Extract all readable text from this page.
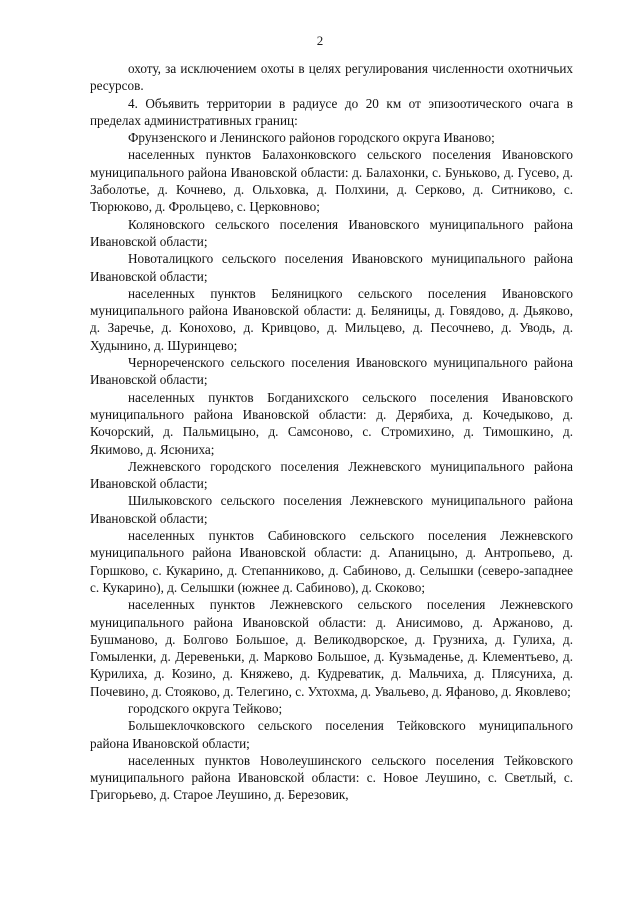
2

охоту, за исключением охоты в целях регулирования численности охотничьих ресурсов.

4. Объявить территории в радиусе до 20 км от эпизоотического очага в пределах административных границ:

Фрунзенского и Ленинского районов городского округа Иваново;

населенных пунктов Балахонковского сельского поселения Ивановского муниципального района Ивановской области: д. Балахонки, с. Буньково, д. Гусево, д. Заболотье, д. Кочнево, д. Ольховка, д. Полхини, д. Серково, д. Ситниково, с. Тюрюково, д. Фрольцево, с. Церковново;

Коляновского сельского поселения Ивановского муниципального района Ивановской области;

Новоталицкого сельского поселения Ивановского муниципального района Ивановской области;

населенных пунктов Беляницкого сельского поселения Ивановского муниципального района Ивановской области: д. Беляницы, д. Говядово, д. Дьяково, д. Заречье, д. Конохово, д. Кривцово, д. Мильцево, д. Песочнево, д. Уводь, д. Худынино, д. Шуринцево;

Чернореченского сельского поселения Ивановского муниципального района Ивановской области;

населенных пунктов Богданихского сельского поселения Ивановского муниципального района Ивановской области: д. Дерябиха, д. Кочедыково, д. Кочорский, д. Пальмицыно, д. Самсоново, с. Стромихино, д. Тимошкино, д. Якимово, д. Ясюниха;

Лежневского городского поселения Лежневского муниципального района Ивановской области;

Шилыковского сельского поселения Лежневского муниципального района Ивановской области;

населенных пунктов Сабиновского сельского поселения Лежневского муниципального района Ивановской области: д. Апаницыно, д. Антропьево, д. Горшково, с. Кукарино, д. Степанниково, д. Сабиново, д. Селышки (северо-западнее с. Кукарино), д. Селышки (южнее д. Сабиново), д. Скоково;

населенных пунктов Лежневского сельского поселения Лежневского муниципального района Ивановской области: д. Анисимово, д. Аржаново, д. Бушманово, д. Болгово Большое, д. Великодворское, д. Грузниха, д. Гулиха, д. Гомыленки, д. Деревеньки, д. Марково Большое, д. Кузьмаденье, д. Клементьево, д. Курилиха, д. Козино, д. Княжево, д. Кудреватик, д. Мальчиха, д. Плясуниха, д. Почевино, д. Стояково, д. Телегино, с. Ухтохма, д. Увальево, д. Яфаново, д. Яковлево;

городского округа Тейково;

Большеклочковского сельского поселения Тейковского муниципального района Ивановской области;

населенных пунктов Новолеушинского сельского поселения Тейковского муниципального района Ивановской области: с. Новое Леушино, с. Светлый, с. Григорьево, д. Старое Леушино, д. Березовик,
